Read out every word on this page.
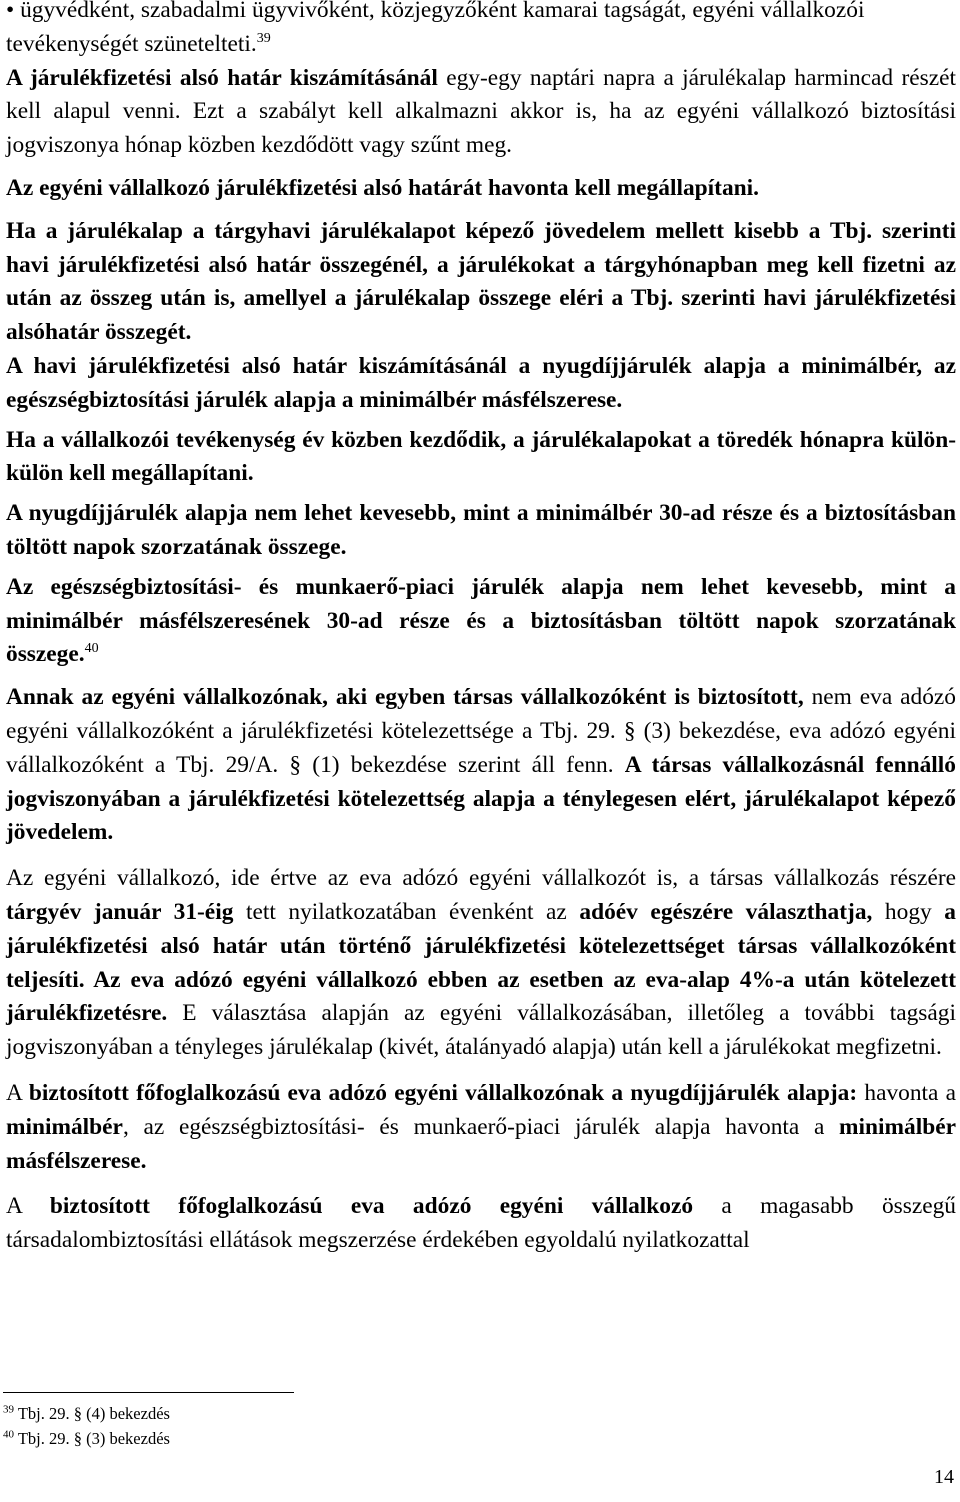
• ügyvédként, szabadalmi ügyvivőként, közjegyzőként kamarai tagságát, egyéni vállalkozói tevékenységét szünetelteti.$^{39}$

A járulékfizetési alsó határ kiszámításánál egy-egy naptári napra a járulékalap harmincad részét kell alapul venni. Ezt a szabályt kell alkalmazni akkor is, ha az egyéni vállalkozó biztosítási jogviszonya hónap közben kezdődött vagy szűnt meg.

Az egyéni vállalkozó járulékfizetési alsó határát havonta kell megállapítani.

Ha a járulékalap a tárgyhavi járulékalapot képező jövedelem mellett kisebb a Tbj. szerinti havi járulékfizetési alsó határ összegénél, a járulékokat a tárgyhónapban meg kell fizetni az után az összeg után is, amellyel a járulékalap összege eléri a Tbj. szerinti havi járulékfizetési alsóhatár összegét.

A havi járulékfizetési alsó határ kiszámításánál a nyugdíjjárulék alapja a minimálbér, az egészségbiztosítási járulék alapja a minimálbér másfélszerese.

Ha a vállalkozói tevékenység év közben kezdődik, a járulékalapokat a töredék hónapra külön-külön kell megállapítani.

A nyugdíjjárulék alapja nem lehet kevesebb, mint a minimálbér 30-ad része és a biztosításban töltött napok szorzatának összege.

Az egészségbiztosítási- és munkaerő-piaci járulék alapja nem lehet kevesebb, mint a minimálbér másfélszeresének 30-ad része és a biztosításban töltött napok szorzatának összege.$^{40}$

Annak az egyéni vállalkozónak, aki egyben társas vállalkozóként is biztosított, nem eva adózó egyéni vállalkozóként a járulékfizetési kötelezettsége a Tbj. 29. § (3) bekezdése, eva adózó egyéni vállalkozóként a Tbj. 29/A. § (1) bekezdése szerint áll fenn. A társas vállalkozásnál fennálló jogviszonyában a járulékfizetési kötelezettség alapja a ténylegesen elért, járulékalapot képező jövedelem.

Az egyéni vállalkozó, ide értve az eva adózó egyéni vállalkozót is, a társas vállalkozás részére tárgyév január 31-éig tett nyilatkozatában évenként az adóév egészére választhatja, hogy a járulékfizetési alsó határ után történő járulékfizetési kötelezettséget társas vállalkozóként teljesíti. Az eva adózó egyéni vállalkozó ebben az esetben az eva-alap 4%-a után kötelezett járulékfizetésre. E választása alapján az egyéni vállalkozásában, illetőleg a további tagsági jogviszonyában a tényleges járulékalap (kivét, átalányadó alapja) után kell a járulékokat megfizetni.

A biztosított főfoglalkozású eva adózó egyéni vállalkozónak a nyugdíjjárulék alapja: havonta a minimálbér, az egészségbiztosítási- és munkaerő-piaci járulék alapja havonta a minimálbér másfélszerese.

A biztosított főfoglalkozású eva adózó egyéni vállalkozó a magasabb összegű társadalombiztosítási ellátások megszerzése érdekében egyoldalú nyilatkozattal

$^{39}$ Tbj. 29. § (4) bekezdés
$^{40}$ Tbj. 29. § (3) bekezdés
14
